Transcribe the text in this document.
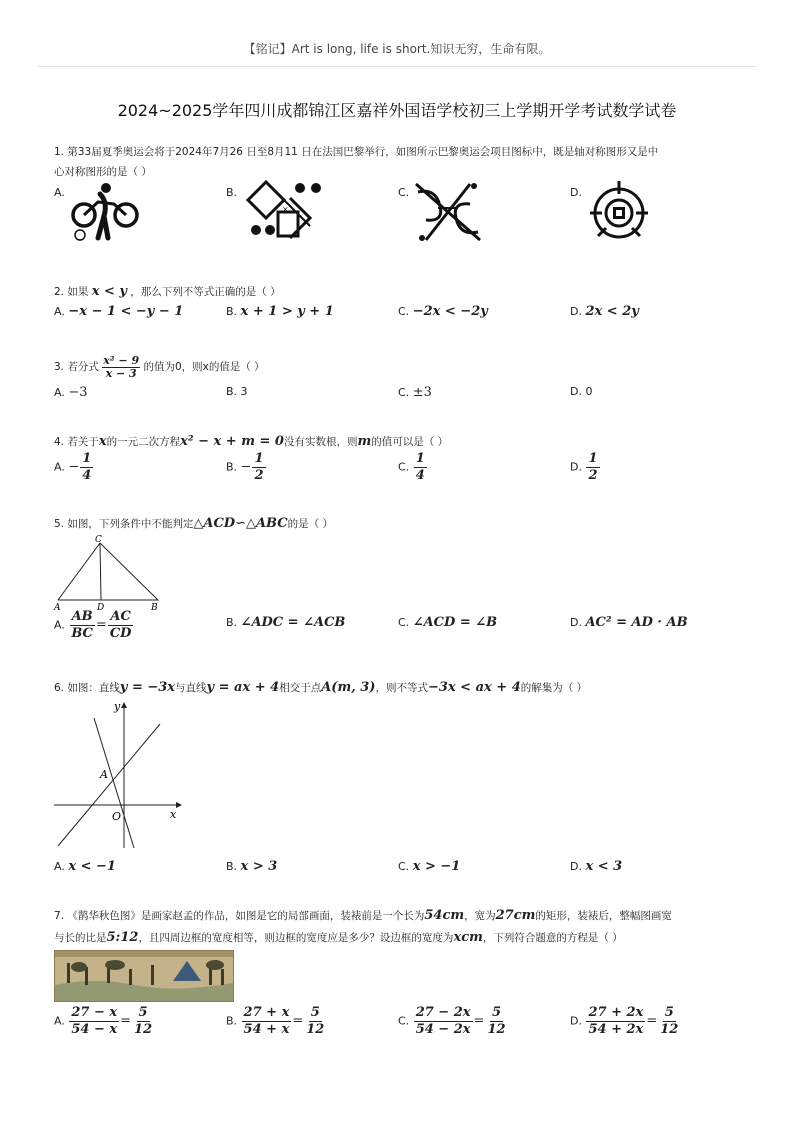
【铭记】Art is long, life is short.知识无穷，生命有限。
2024~2025学年四川成都锦江区嘉祥外国语学校初三上学期开学考试数学试卷
1. 第33届夏季奥运会将于2024年7月26 日至8月11 日在法国巴黎举行，如图所示巴黎奥运会项目图标中，既是轴对称图形又是中
心对称图形的是（ ）
A.	B.
×
C.	D.
2. 如果 x < y ，那么下列不等式正确的是（ ）
A. −x − 1 < −y − 1	B. x + 1 > y + 1	C. −2x < −2y	D. 2x < 2y
3. 若分式 $\frac{\text{x² − 9}}{x - 3}$ 的值为0，则x的值是（ ）
A. −3	B. 3	C. ±3	D. 0
4. 若关于x的一元二次方程x² − x + m = 0没有实数根，则m的值可以是（ ）
A. − $\frac{1}{4}$	B. − $\frac{1}{2}$	C. $\frac{1}{4}$	D. $\frac{1}{2}$
5. 如图，下列条件中不能判定△ACD∽△ABC的是（ ）
C
A	D	B
A. $\frac{AB}{BC} = \frac{AC}{CD}$	B. ∠ADC = ∠ACB	C. ∠ACD = ∠B	D. AC² = AD · AB
6. 如图：直线y = −3x与直线y = ax + 4相交于点A(m, 3)，则不等式−3x < ax + 4的解集为（ ）
y
x
O
A
A. x < −1	B. x > 3	C. x > −1	D. x < 3
7. 《鹊华秋色图》是画家赵孟的作品，如图是它的局部画面，装裱前是一个长为54cm，宽为27cm的矩形，装裱后，整幅图画宽
与长的比是5:12，且四周边框的宽度相等，则边框的宽度应是多少？设边框的宽度为xcm，下列符合题意的方程是（ ）
A. $\frac{27 - x}{54 - x} = \frac{5}{12}$	B. $\frac{27 + x}{54 + x} = \frac{5}{12}$	C. $\frac{27 - 2x}{54 - 2x} = \frac{5}{12}$	D. $\frac{27 + 2x}{54 + 2x} = \frac{5}{12}$
